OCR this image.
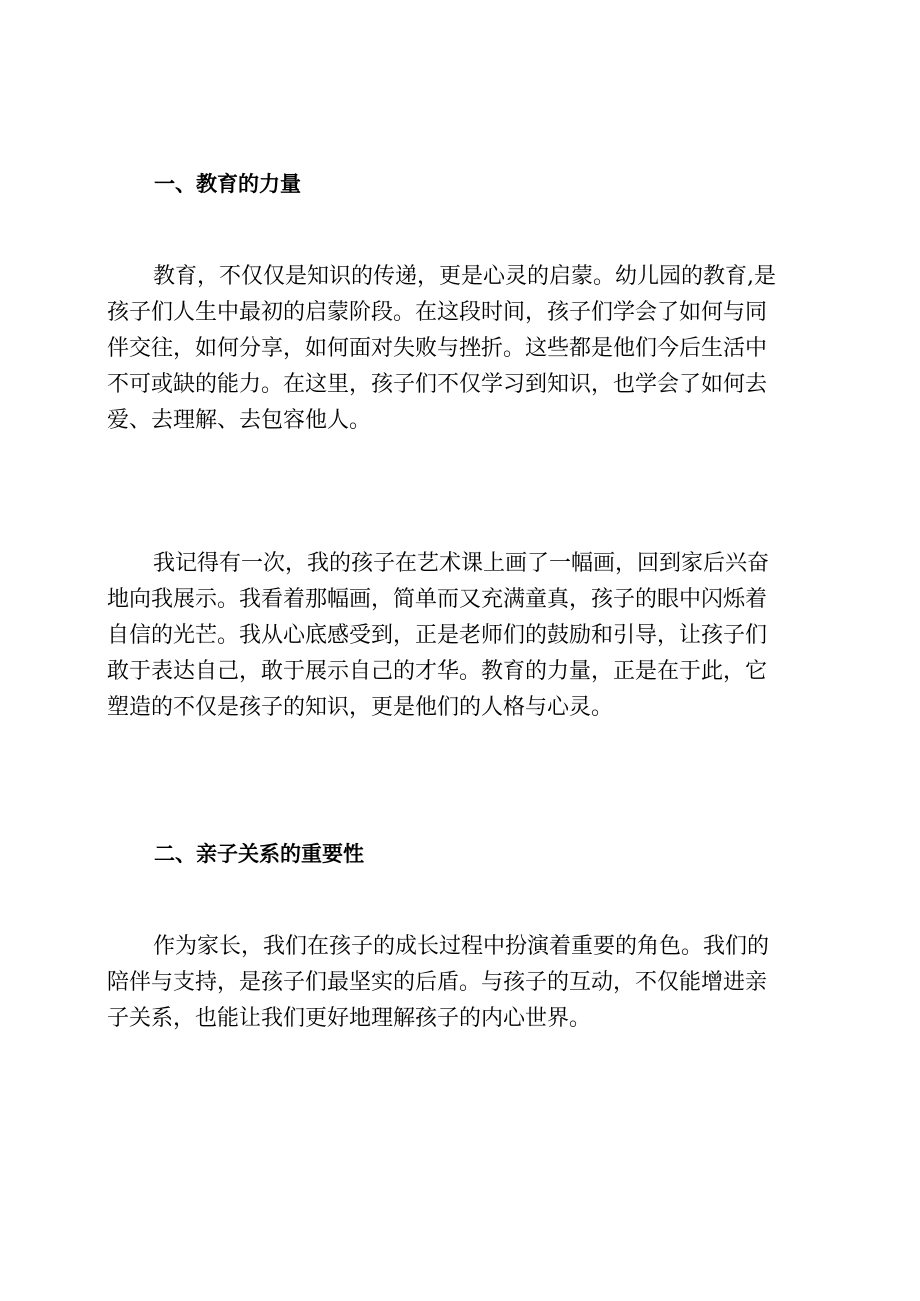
一、教育的力量

教育，不仅仅是知识的传递，更是心灵的启蒙。幼儿园的教育,是
孩子们人生中最初的启蒙阶段。在这段时间，孩子们学会了如何与同
伴交往，如何分享，如何面对失败与挫折。这些都是他们今后生活中
不可或缺的能力。在这里，孩子们不仅学习到知识，也学会了如何去
爱、去理解、去包容他人。

我记得有一次，我的孩子在艺术课上画了一幅画，回到家后兴奋
地向我展示。我看着那幅画，简单而又充满童真，孩子的眼中闪烁着
自信的光芒。我从心底感受到，正是老师们的鼓励和引导，让孩子们
敢于表达自己，敢于展示自己的才华。教育的力量，正是在于此，它
塑造的不仅是孩子的知识，更是他们的人格与心灵。

二、亲子关系的重要性

作为家长，我们在孩子的成长过程中扮演着重要的角色。我们的
陪伴与支持，是孩子们最坚实的后盾。与孩子的互动，不仅能增进亲
子关系，也能让我们更好地理解孩子的内心世界。
